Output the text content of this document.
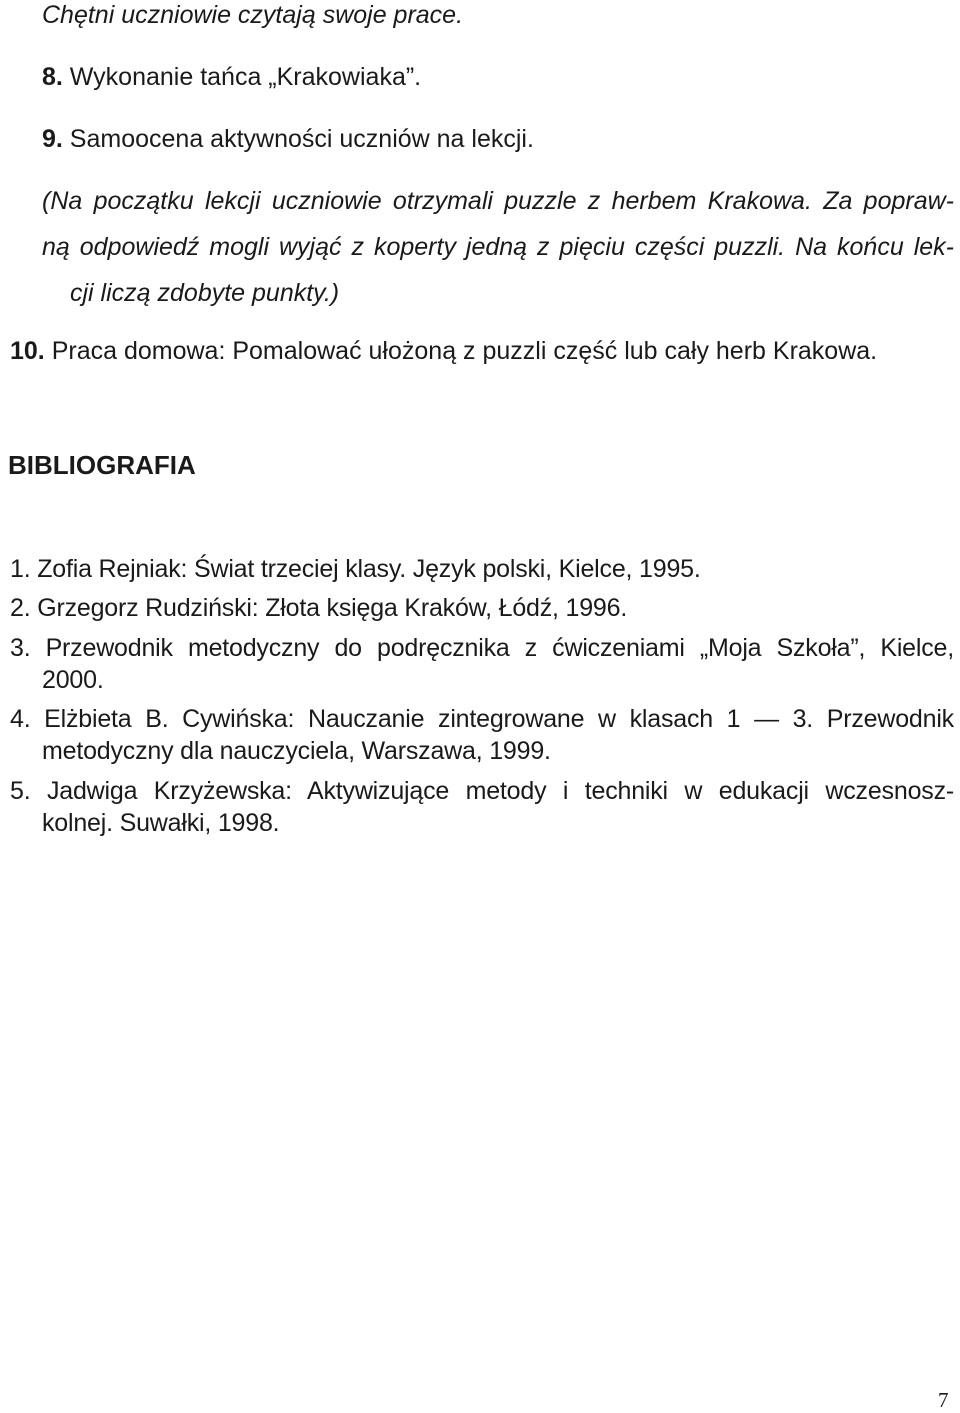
Chętni uczniowie czytają swoje prace.
8. Wykonanie tańca „Krakowiaka”.
9. Samoocena aktywności uczniów na lekcji.
(Na początku lekcji uczniowie otrzymali puzzle z herbem Krakowa. Za popraw-
ną odpowiedź mogli wyjąć z koperty jedną z pięciu części puzzli. Na końcu lek-
cji liczą zdobyte punkty.)
10. Praca domowa: Pomalować ułożoną z puzzli część lub cały herb Krakowa.
BIBLIOGRAFIA
1. Zofia Rejniak: Świat trzeciej klasy. Język polski, Kielce, 1995.
2. Grzegorz Rudziński: Złota księga Kraków, Łódź, 1996.
3. Przewodnik metodyczny do podręcznika z ćwiczeniami „Moja Szkoła”, Kielce,
2000.
4. Elżbieta B. Cywińska: Nauczanie zintegrowane w klasach 1 — 3. Przewodnik
metodyczny dla nauczyciela, Warszawa, 1999.
5. Jadwiga Krzyżewska: Aktywizujące metody i techniki w edukacji wczesnosz-
kolnej. Suwałki, 1998.
7
